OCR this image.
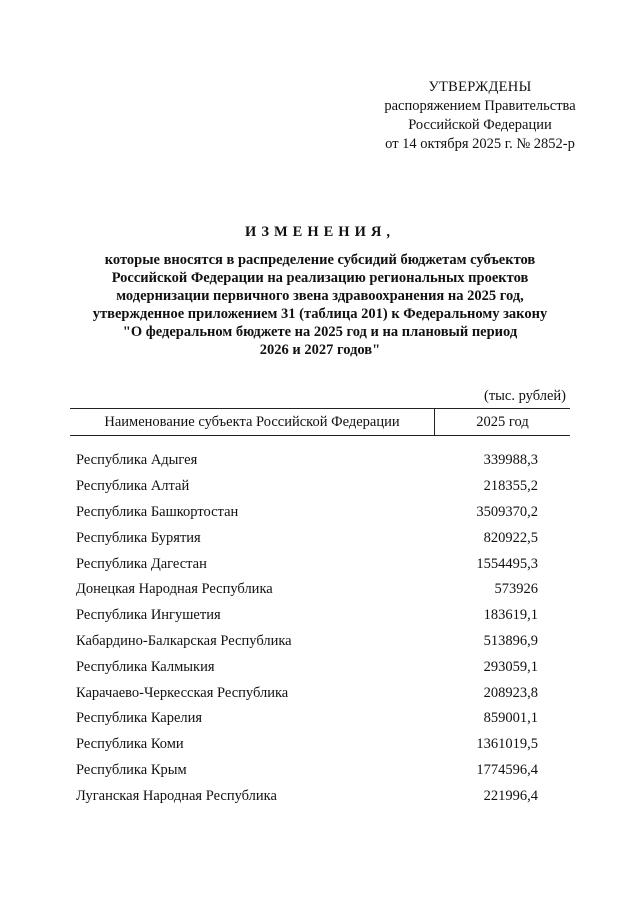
УТВЕРЖДЕНЫ
распоряжением Правительства
Российской Федерации
от 14 октября 2025 г. № 2852-р
ИЗМЕНЕНИЯ,
которые вносятся в распределение субсидий бюджетам субъектов
Российской Федерации на реализацию региональных проектов
модернизации первичного звена здравоохранения на 2025 год,
утвержденное приложением 31 (таблица 201) к Федеральному закону
"О федеральном бюджете на 2025 год и на плановый период
2026 и 2027 годов"
(тыс. рублей)
Наименование субъекта Российской Федерации	2025 год
Республика Адыгея	339988,3
Республика Алтай	218355,2
Республика Башкортостан	3509370,2
Республика Бурятия	820922,5
Республика Дагестан	1554495,3
Донецкая Народная Республика	573926
Республика Ингушетия	183619,1
Кабардино-Балкарская Республика	513896,9
Республика Калмыкия	293059,1
Карачаево-Черкесская Республика	208923,8
Республика Карелия	859001,1
Республика Коми	1361019,5
Республика Крым	1774596,4
Луганская Народная Республика	221996,4
